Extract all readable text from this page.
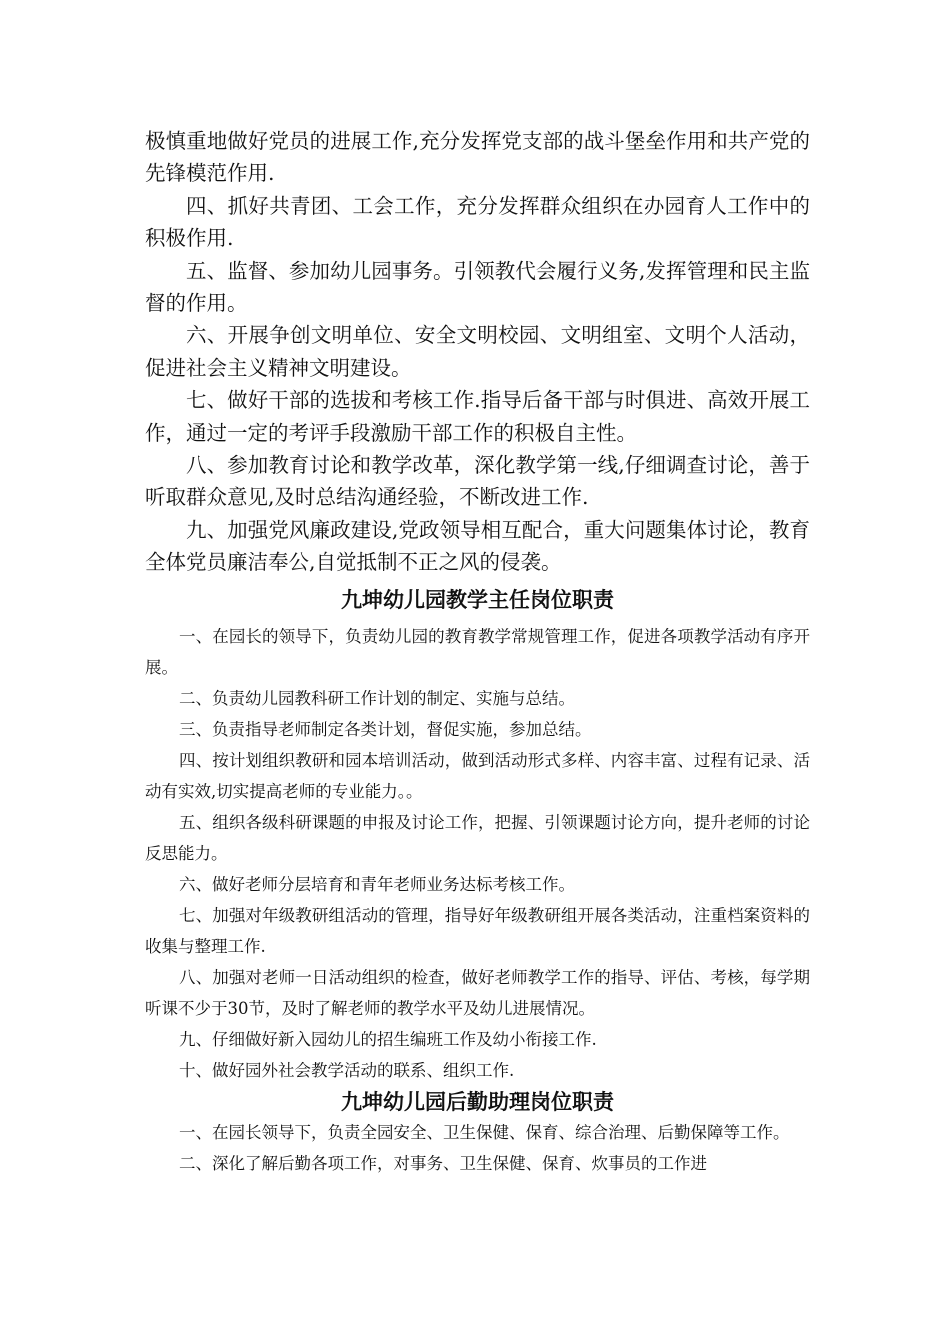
极慎重地做好党员的进展工作,充分发挥党支部的战斗堡垒作用和共产党的先锋模范作用.

四、抓好共青团、工会工作，充分发挥群众组织在办园育人工作中的积极作用.

五、监督、参加幼儿园事务。引领教代会履行义务,发挥管理和民主监督的作用。

六、开展争创文明单位、安全文明校园、文明组室、文明个人活动，促进社会主义精神文明建设。

七、做好干部的选拔和考核工作.指导后备干部与时俱进、高效开展工作，通过一定的考评手段激励干部工作的积极自主性。

八、参加教育讨论和教学改革，深化教学第一线,仔细调查讨论，善于听取群众意见,及时总结沟通经验，不断改进工作.

九、加强党风廉政建设,党政领导相互配合，重大问题集体讨论，教育全体党员廉洁奉公,自觉抵制不正之风的侵袭。

九坤幼儿园教学主任岗位职责

一、在园长的领导下，负责幼儿园的教育教学常规管理工作，促进各项教学活动有序开展。

二、负责幼儿园教科研工作计划的制定、实施与总结。

三、负责指导老师制定各类计划，督促实施，参加总结。

四、按计划组织教研和园本培训活动，做到活动形式多样、内容丰富、过程有记录、活动有实效,切实提高老师的专业能力。。

五、组织各级科研课题的申报及讨论工作，把握、引领课题讨论方向，提升老师的讨论反思能力。

六、做好老师分层培育和青年老师业务达标考核工作。

七、加强对年级教研组活动的管理，指导好年级教研组开展各类活动，注重档案资料的收集与整理工作.

八、加强对老师一日活动组织的检查，做好老师教学工作的指导、评估、考核，每学期听课不少于30节，及时了解老师的教学水平及幼儿进展情况。

九、仔细做好新入园幼儿的招生编班工作及幼小衔接工作.

十、做好园外社会教学活动的联系、组织工作.

九坤幼儿园后勤助理岗位职责

一、在园长领导下，负责全园安全、卫生保健、保育、综合治理、后勤保障等工作。

二、深化了解后勤各项工作，对事务、卫生保健、保育、炊事员的工作进
